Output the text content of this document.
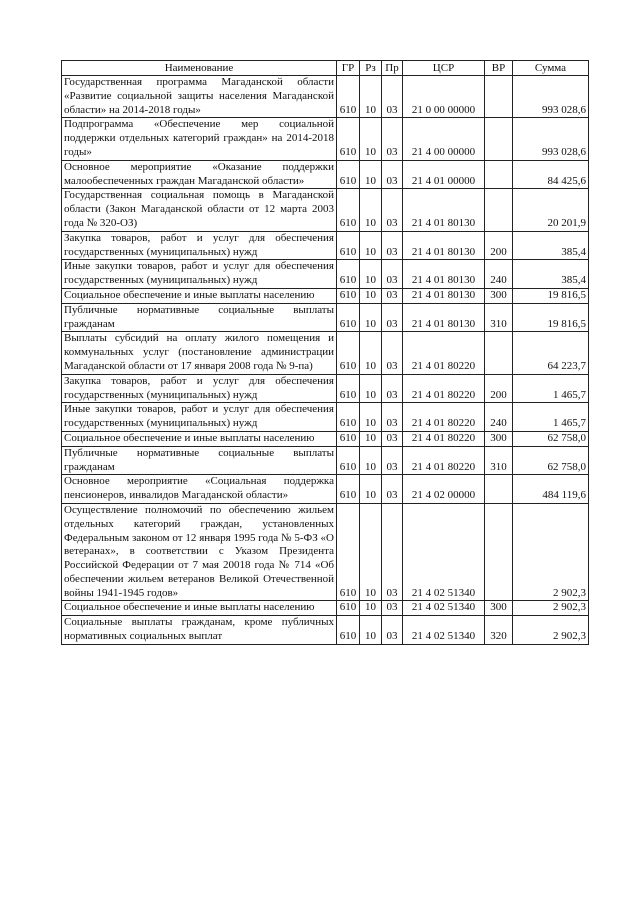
Наименование	ГР	Рз	Пр	ЦСР	ВР	Сумма
Государственная программа Магаданской области «Развитие социальной защиты населения Магаданской области» на 2014-2018 годы»	610	10	03	21 0 00 00000		993 028,6
Подпрограмма «Обеспечение мер социальной поддержки отдельных категорий граждан» на 2014-2018 годы»	610	10	03	21 4 00 00000		993 028,6
Основное мероприятие «Оказание поддержки малообеспеченных граждан Магаданской области»	610	10	03	21 4 01 00000		84 425,6
Государственная социальная помощь в Магаданской области (Закон Магаданской области от 12 марта 2003 года № 320-ОЗ)	610	10	03	21 4 01 80130		20 201,9
Закупка товаров, работ и услуг для обеспечения государственных (муниципальных) нужд	610	10	03	21 4 01 80130	200	385,4
Иные закупки товаров, работ и услуг для обеспечения государственных (муниципальных) нужд	610	10	03	21 4 01 80130	240	385,4
Социальное обеспечение и иные выплаты населению	610	10	03	21 4 01 80130	300	19 816,5
Публичные нормативные социальные выплаты гражданам	610	10	03	21 4 01 80130	310	19 816,5
Выплаты субсидий на оплату жилого помещения и коммунальных услуг (постановление администрации Магаданской области от 17 января 2008 года № 9-па)	610	10	03	21 4 01 80220		64 223,7
Закупка товаров, работ и услуг для обеспечения государственных (муниципальных) нужд	610	10	03	21 4 01 80220	200	1 465,7
Иные закупки товаров, работ и услуг для обеспечения государственных (муниципальных) нужд	610	10	03	21 4 01 80220	240	1 465,7
Социальное обеспечение и иные выплаты населению	610	10	03	21 4 01 80220	300	62 758,0
Публичные нормативные социальные выплаты гражданам	610	10	03	21 4 01 80220	310	62 758,0
Основное мероприятие «Социальная поддержка пенсионеров, инвалидов Магаданской области»	610	10	03	21 4 02 00000		484 119,6
Осуществление полномочий по обеспечению жильем отдельных категорий граждан, установленных Федеральным законом от 12 января 1995 года № 5-ФЗ «О ветеранах», в соответствии с Указом Президента Российской Федерации от 7 мая 20018 года № 714 «Об обеспечении жильем ветеранов Великой Отечественной войны 1941-1945 годов»	610	10	03	21 4 02 51340		2 902,3
Социальное обеспечение и иные выплаты населению	610	10	03	21 4 02 51340	300	2 902,3
Социальные выплаты гражданам, кроме публичных нормативных социальных выплат	610	10	03	21 4 02 51340	320	2 902,3
